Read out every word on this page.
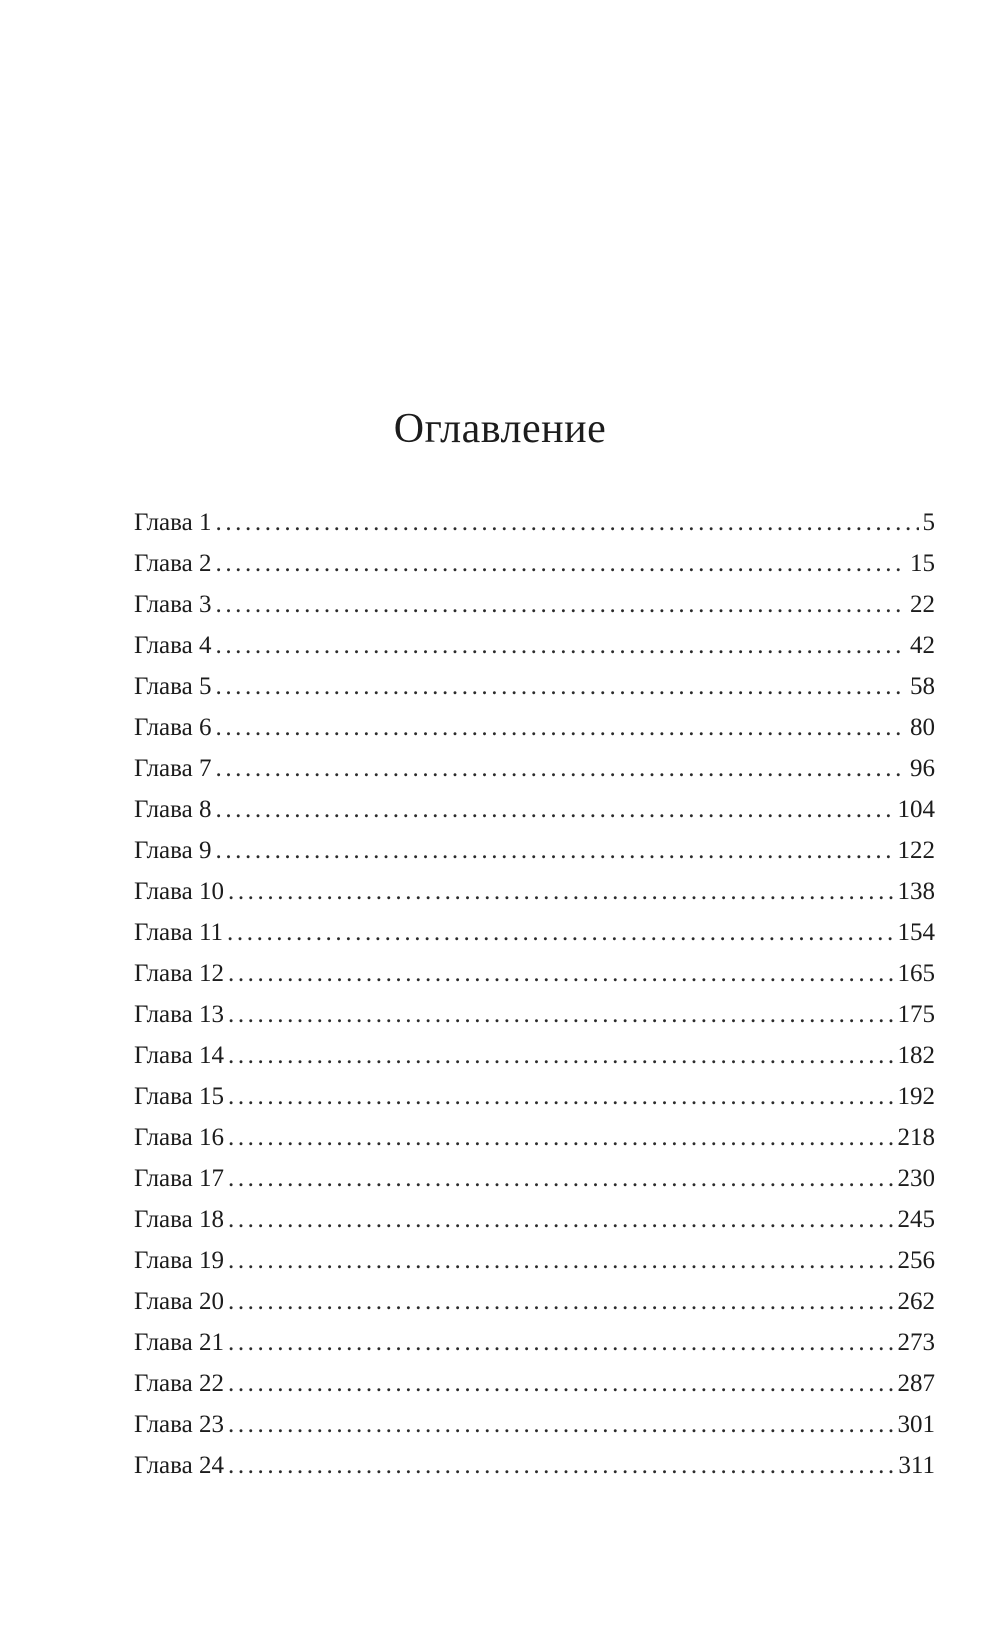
Оглавление
Глава 1 .....	5
Глава 2 .....	15
Глава 3 .....	22
Глава 4 .....	42
Глава 5 .....	58
Глава 6 .....	80
Глава 7 .....	96
Глава 8 .....	104
Глава 9 .....	122
Глава 10 .....	138
Глава 11 .....	154
Глава 12 .....	165
Глава 13 .....	175
Глава 14 .....	182
Глава 15 .....	192
Глава 16 .....	218
Глава 17 .....	230
Глава 18 .....	245
Глава 19 .....	256
Глава 20 .....	262
Глава 21 .....	273
Глава 22 .....	287
Глава 23 .....	301
Глава 24 .....	311
